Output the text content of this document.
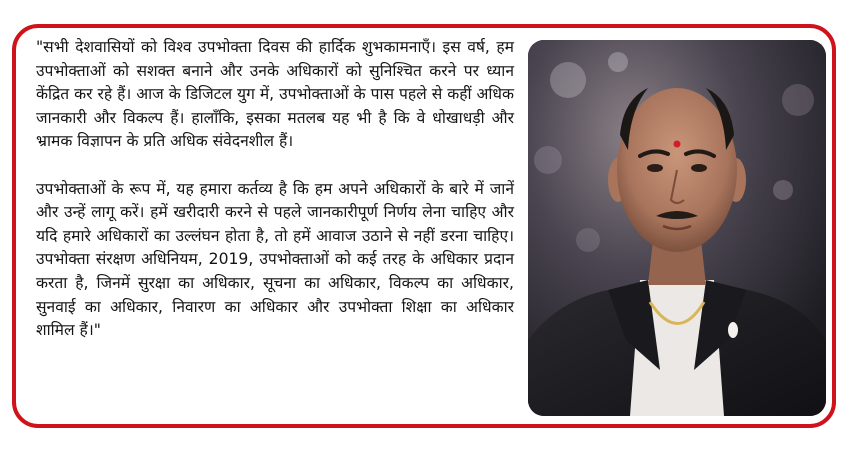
"सभी देशवासियों को विश्व उपभोक्ता दिवस की हार्दिक शुभकामनाएँ। इस वर्ष, हम उपभोक्ताओं को सशक्त बनाने और उनके अधिकारों को सुनिश्चित करने पर ध्यान केंद्रित कर रहे हैं। आज के डिजिटल युग में, उपभोक्ताओं के पास पहले से कहीं अधिक जानकारी और विकल्प हैं। हालाँकि, इसका मतलब यह भी है कि वे धोखाधड़ी और भ्रामक विज्ञापन के प्रति अधिक संवेदनशील हैं।

उपभोक्ताओं के रूप में, यह हमारा कर्तव्य है कि हम अपने अधिकारों के बारे में जानें और उन्हें लागू करें। हमें खरीदारी करने से पहले जानकारीपूर्ण निर्णय लेना चाहिए और यदि हमारे अधिकारों का उल्लंघन होता है, तो हमें आवाज उठाने से नहीं डरना चाहिए। उपभोक्ता संरक्षण अधिनियम, 2019, उपभोक्ताओं को कई तरह के अधिकार प्रदान करता है, जिनमें सुरक्षा का अधिकार, सूचना का अधिकार, विकल्प का अधिकार, सुनवाई का अधिकार, निवारण का अधिकार और उपभोक्ता शिक्षा का अधिकार शामिल हैं।"
